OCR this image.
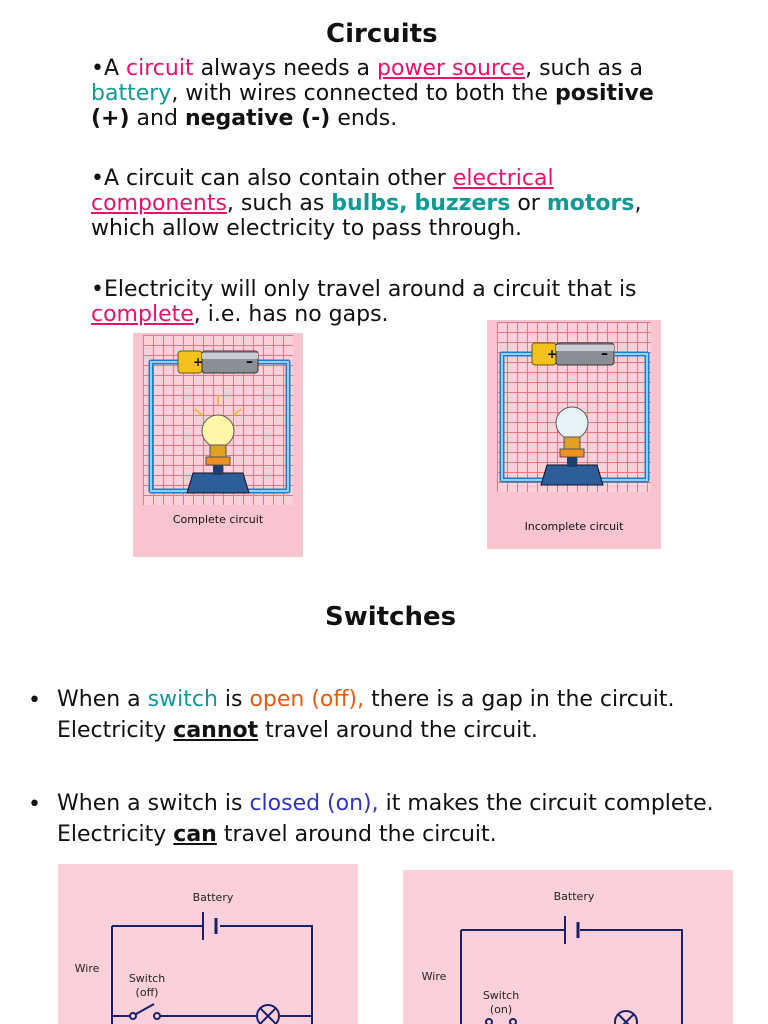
Circuits
•A circuit always needs a power source, such as a battery, with wires connected to both the positive (+) and negative (-) ends.
•A circuit can also contain other electrical components, such as bulbs, buzzers or motors, which allow electricity to pass through.
•Electricity will only travel around a circuit that is complete, i.e. has no gaps.
+	–
Complete circuit
+	–
Incomplete circuit
Switches
• When a switch is open (off), there is a gap in the circuit. Electricity cannot travel around the circuit.
• When a switch is closed (on), it makes the circuit complete. Electricity can travel around the circuit.
Battery
Wire
Switch
(off)
Battery
Wire
Switch
(on)
